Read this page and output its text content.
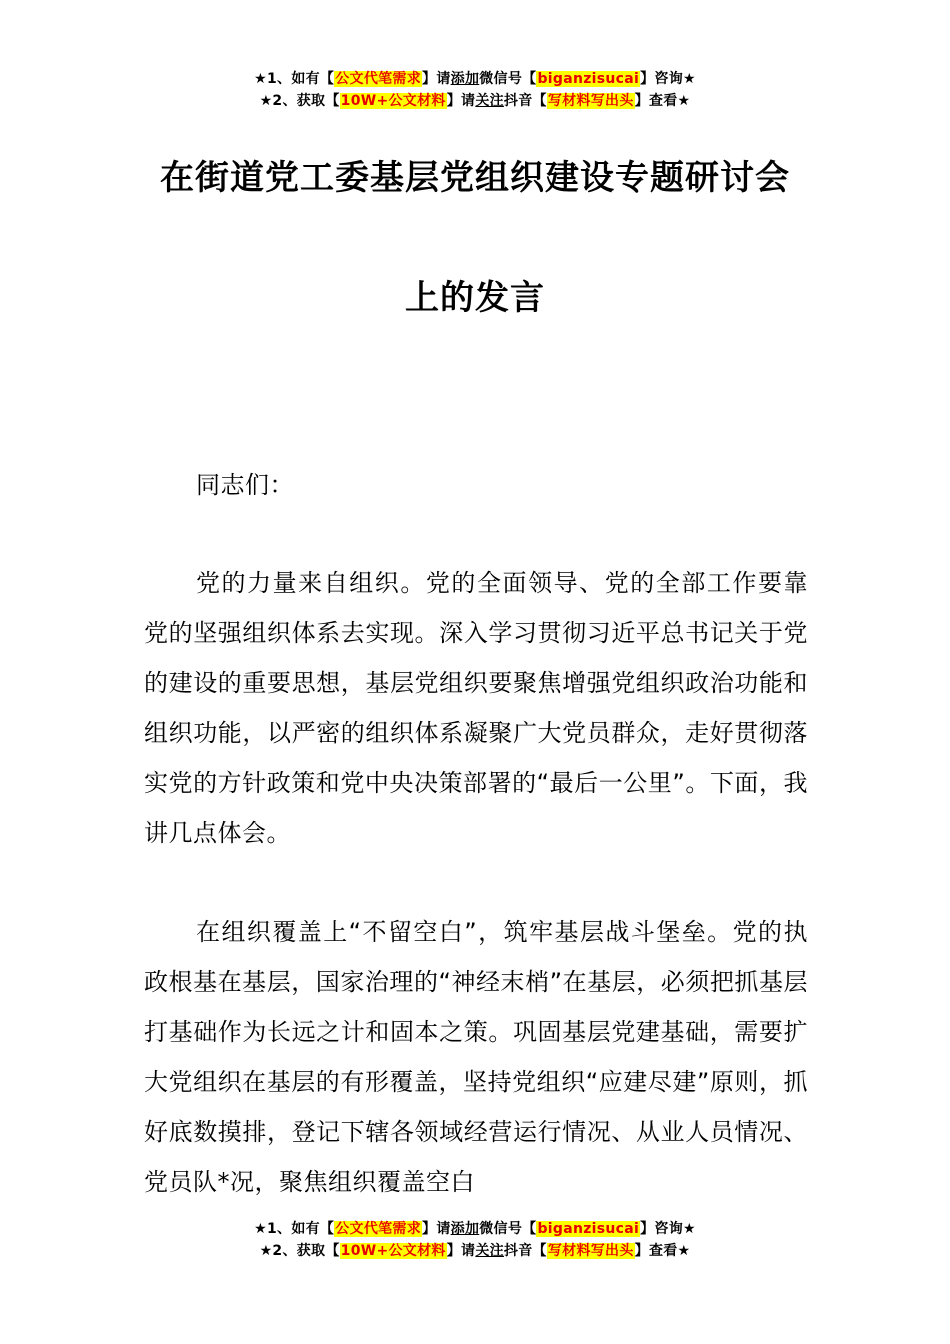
★1、如有【公文代笔需求】请添加微信号【biganzisucai】咨询★
★2、获取【10W+公文材料】请关注抖音【写材料写出头】查看★
在街道党工委基层党组织建设专题研讨会
上的发言
同志们：
党的力量来自组织。党的全面领导、党的全部工作要靠党的坚强组织体系去实现。深入学习贯彻习近平总书记关于党的建设的重要思想，基层党组织要聚焦增强党组织政治功能和组织功能，以严密的组织体系凝聚广大党员群众，走好贯彻落实党的方针政策和党中央决策部署的“最后一公里”。下面，我讲几点体会。
在组织覆盖上“不留空白”，筑牢基层战斗堡垒。党的执政根基在基层，国家治理的“神经末梢”在基层，必须把抓基层打基础作为长远之计和固本之策。巩固基层党建基础，需要扩大党组织在基层的有形覆盖，坚持党组织“应建尽建”原则，抓好底数摸排，登记下辖各领域经营运行情况、从业人员情况、党员队*况，聚焦组织覆盖空白
★1、如有【公文代笔需求】请添加微信号【biganzisucai】咨询★
★2、获取【10W+公文材料】请关注抖音【写材料写出头】查看★
